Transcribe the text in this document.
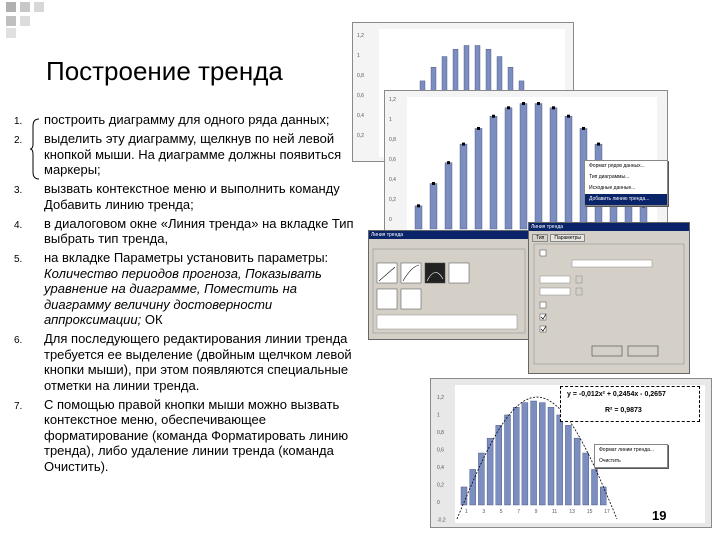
Построение тренда
1. построить диаграмму для одного ряда данных;
2. выделить эту диаграмму, щелкнув по ней левой кнопкой мыши. На диаграмме должны появиться маркеры;
3. вызвать контекстное меню и выполнить команду Добавить линию тренда;
4. в диалоговом окне «Линия тренда» на вкладке Тип выбрать тип тренда,
5. на вкладке Параметры установить параметры: Количество периодов прогноза, Показывать уравнение на диаграмме, Поместить на диаграмму величину достоверности аппроксимации; ОК
6. Для последующего редактирования линии тренда требуется ее выделение (двойным щелчком левой кнопки мыши), при этом появляются специальные отметки на линии тренда.
7. С помощью правой кнопки мыши можно вызвать контекстное меню, обеспечивающее форматирование (команда Форматировать линию тренда), либо удаление линии тренда (команда Очистить).
1,2
1
0,8
0,6
0,4
0,2
1,2
1
0,8
0,6
0,4
0,2
0
Формат рядов данных...
Тип диаграммы...
Исходные данные...
Добавить линию тренда...
Линия тренда
Линия тренда
Тип	Параметры
1,2
1
0,8
0,6
0,4
0,2
0
-0,2
1	3	5	7	9	11 13 15 17
y = -0,012x² + 0,2454x - 0,2657
R² = 0,9873
Формат линии тренда...
Очистить
19
